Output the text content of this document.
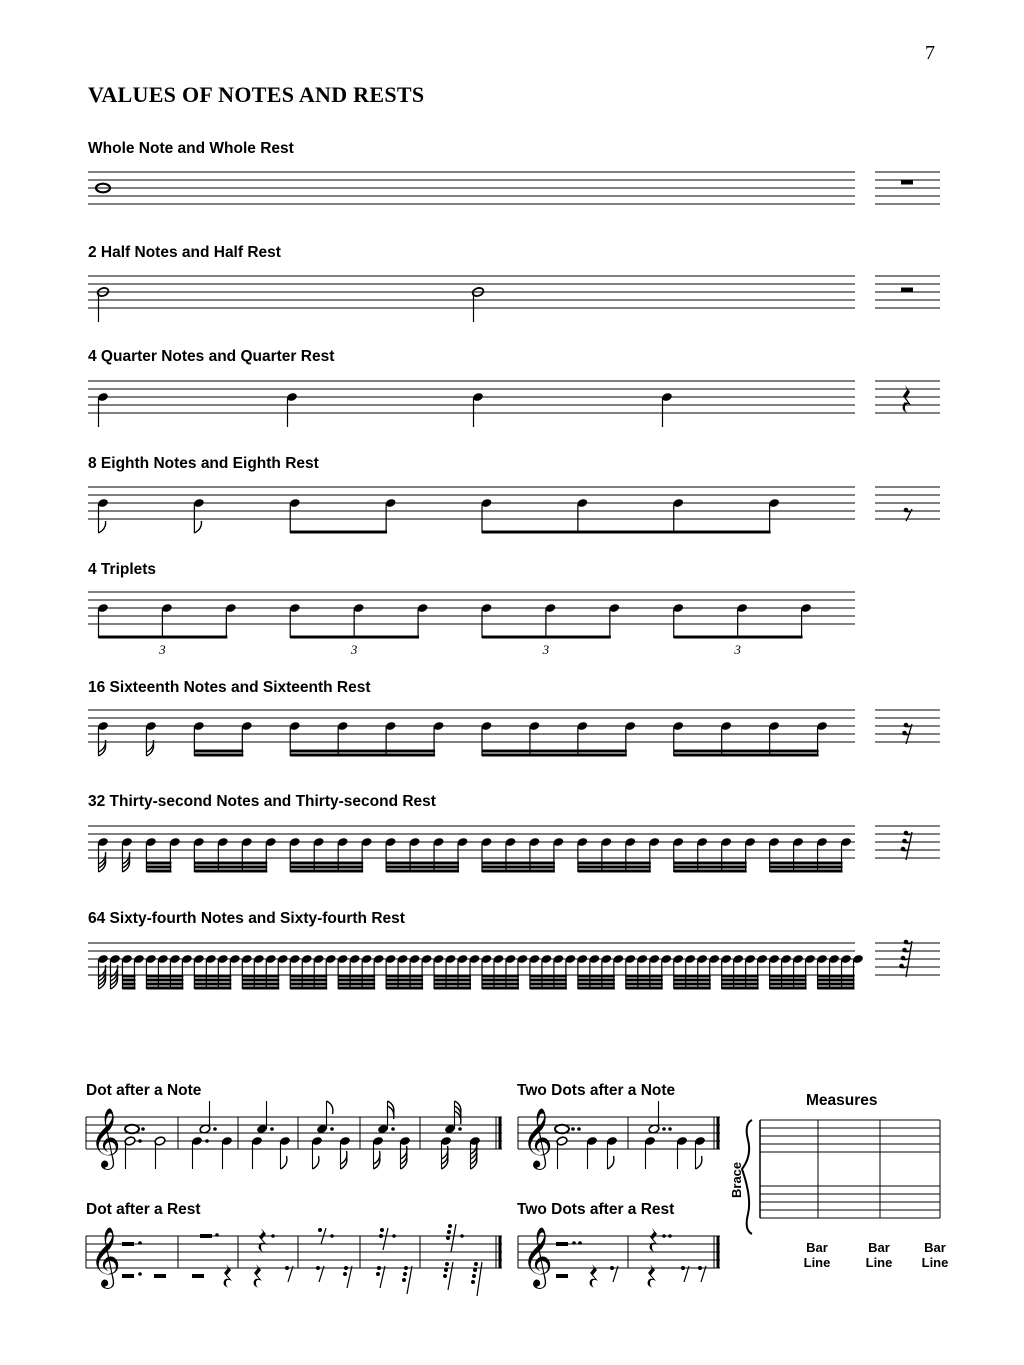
7
VALUES OF NOTES AND RESTS
Whole Note and Whole Rest
2 Half Notes and Half Rest
4 Quarter Notes and Quarter Rest
8 Eighth Notes and Eighth Rest
4 Triplets
3	3	3	3
16 Sixteenth Notes and Sixteenth Rest
32 Thirty-second Notes and Thirty-second Rest
64 Sixty-fourth Notes and Sixty-fourth Rest
Dot after a Note	Two Dots after a Note
Measures
Dot after a Rest	Two Dots after a Rest
Brace
Bar
Line
Bar
Line
Bar
Line
𝄞	𝄞
𝄞	𝄞
